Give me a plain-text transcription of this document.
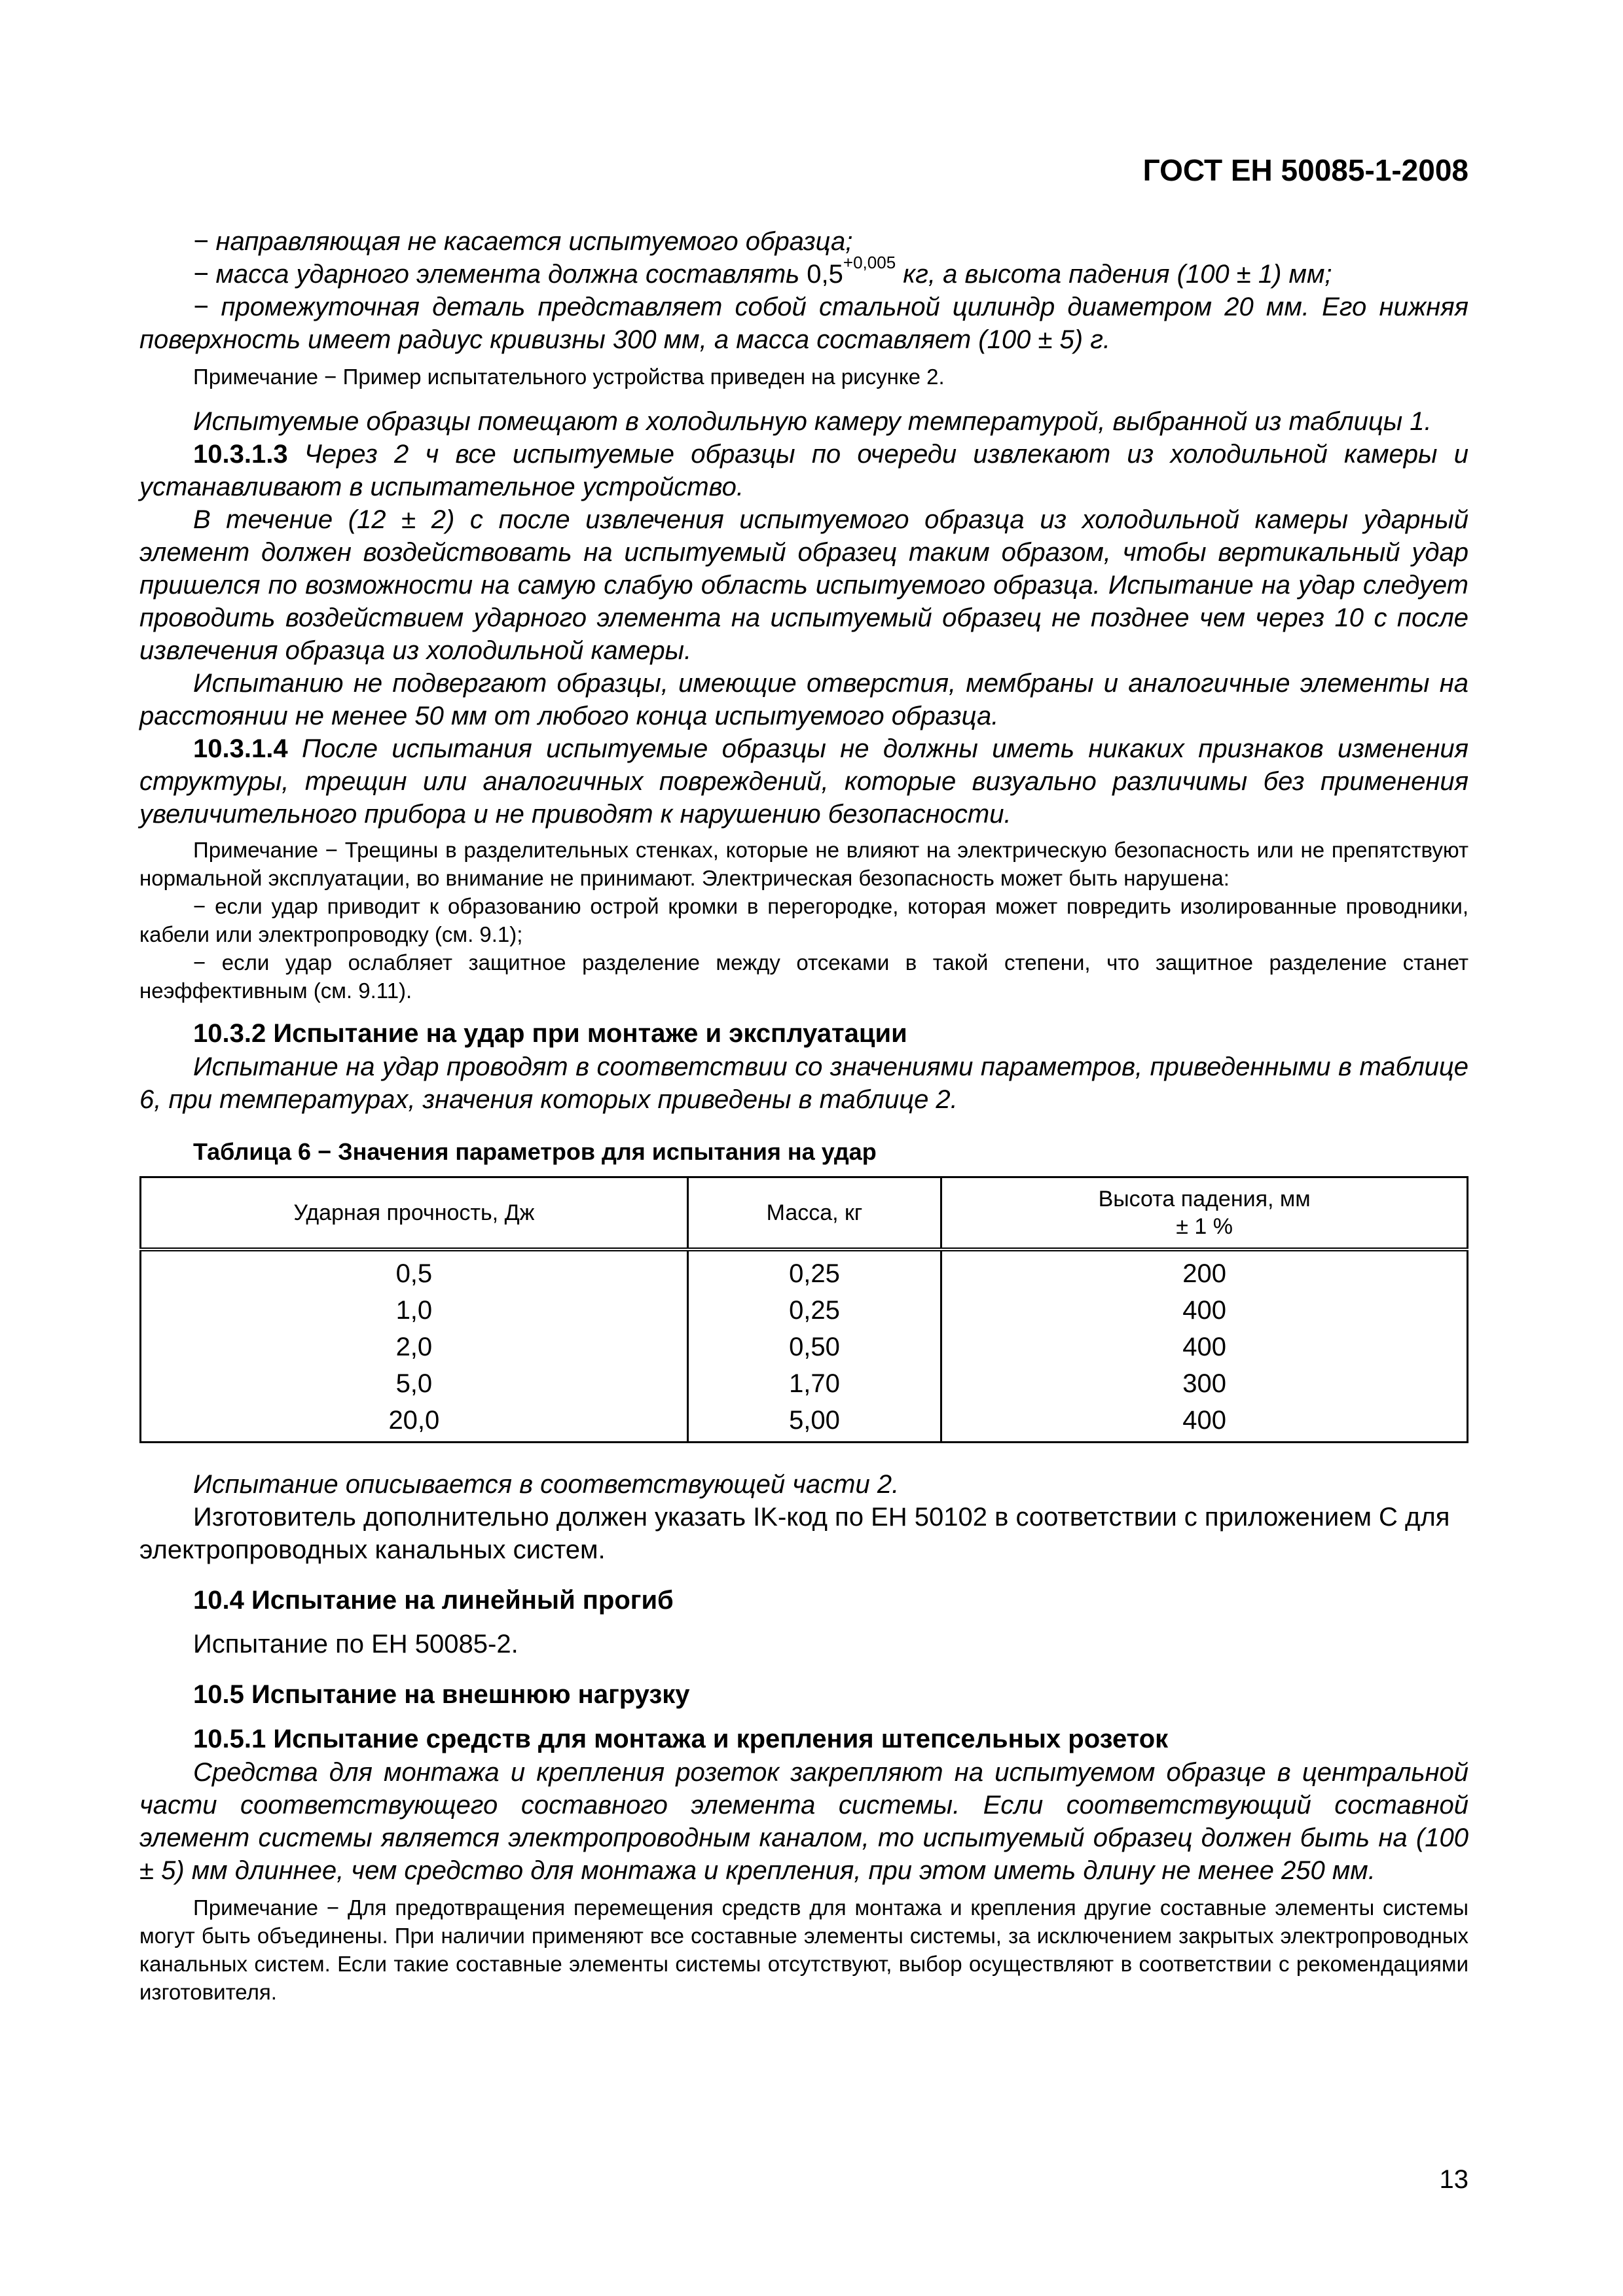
ГОСТ ЕН 50085-1-2008

− направляющая не касается испытуемого образца;

− масса ударного элемента должна составлять $0,5^{+0,005}$ кг, а высота падения (100 ± 1) мм;

− промежуточная деталь представляет собой стальной цилиндр диаметром 20 мм. Его нижняя поверхность имеет радиус кривизны 300 мм, а масса составляет (100 ± 5) г.

Примечание − Пример испытательного устройства приведен на рисунке 2.

Испытуемые образцы помещают в холодильную камеру температурой, выбранной из таблицы 1.

10.3.1.3 Через 2 ч все испытуемые образцы по очереди извлекают из холодильной камеры и устанавливают в испытательное устройство.

В течение (12 ± 2) с после извлечения испытуемого образца из холодильной камеры ударный элемент должен воздействовать на испытуемый образец таким образом, чтобы вертикальный удар пришелся по возможности на самую слабую область испытуемого образца. Испытание на удар следует проводить воздействием ударного элемента на испытуемый образец не позднее чем через 10 с после извлечения образца из холодильной камеры.

Испытанию не подвергают образцы, имеющие отверстия, мембраны и аналогичные элементы на расстоянии не менее 50 мм от любого конца испытуемого образца.

10.3.1.4 После испытания испытуемые образцы не должны иметь никаких признаков изменения структуры, трещин или аналогичных повреждений, которые визуально различимы без применения увеличительного прибора и не приводят к нарушению безопасности.

Примечание − Трещины в разделительных стенках, которые не влияют на электрическую безопасность или не препятствуют нормальной эксплуатации, во внимание не принимают. Электрическая безопасность может быть нарушена:

− если удар приводит к образованию острой кромки в перегородке, которая может повредить изолированные проводники, кабели или электропроводку (см. 9.1);

− если удар ослабляет защитное разделение между отсеками в такой степени, что защитное разделение станет неэффективным (см. 9.11).

10.3.2 Испытание на удар при монтаже и эксплуатации

Испытание на удар проводят в соответствии со значениями параметров, приведенными в таблице 6, при температурах, значения которых приведены в таблице 2.

Таблица 6 − Значения параметров для испытания на удар

Ударная прочность, Дж	Масса, кг	Высота падения, мм
± 1 %
0,5	0,25	200
1,0	0,25	400
2,0	0,50	400
5,0	1,70	300
20,0	5,00	400

Испытание описывается в соответствующей части 2.

Изготовитель дополнительно должен указать IK-код по ЕН 50102 в соответствии с приложением С для электропроводных канальных систем.

10.4 Испытание на линейный прогиб

Испытание по ЕН 50085-2.

10.5 Испытание на внешнюю нагрузку

10.5.1 Испытание средств для монтажа и крепления штепсельных розеток

Средства для монтажа и крепления розеток закрепляют на испытуемом образце в центральной части соответствующего составного элемента системы. Если соответствующий составной элемент системы является электропроводным каналом, то испытуемый образец должен быть на (100 ± 5) мм длиннее, чем средство для монтажа и крепления, при этом иметь длину не менее 250 мм.

Примечание − Для предотвращения перемещения средств для монтажа и крепления другие составные элементы системы могут быть объединены. При наличии применяют все составные элементы системы, за исключением закрытых электропроводных канальных систем. Если такие составные элементы системы отсутствуют, выбор осуществляют в соответствии с рекомендациями изготовителя.

13
